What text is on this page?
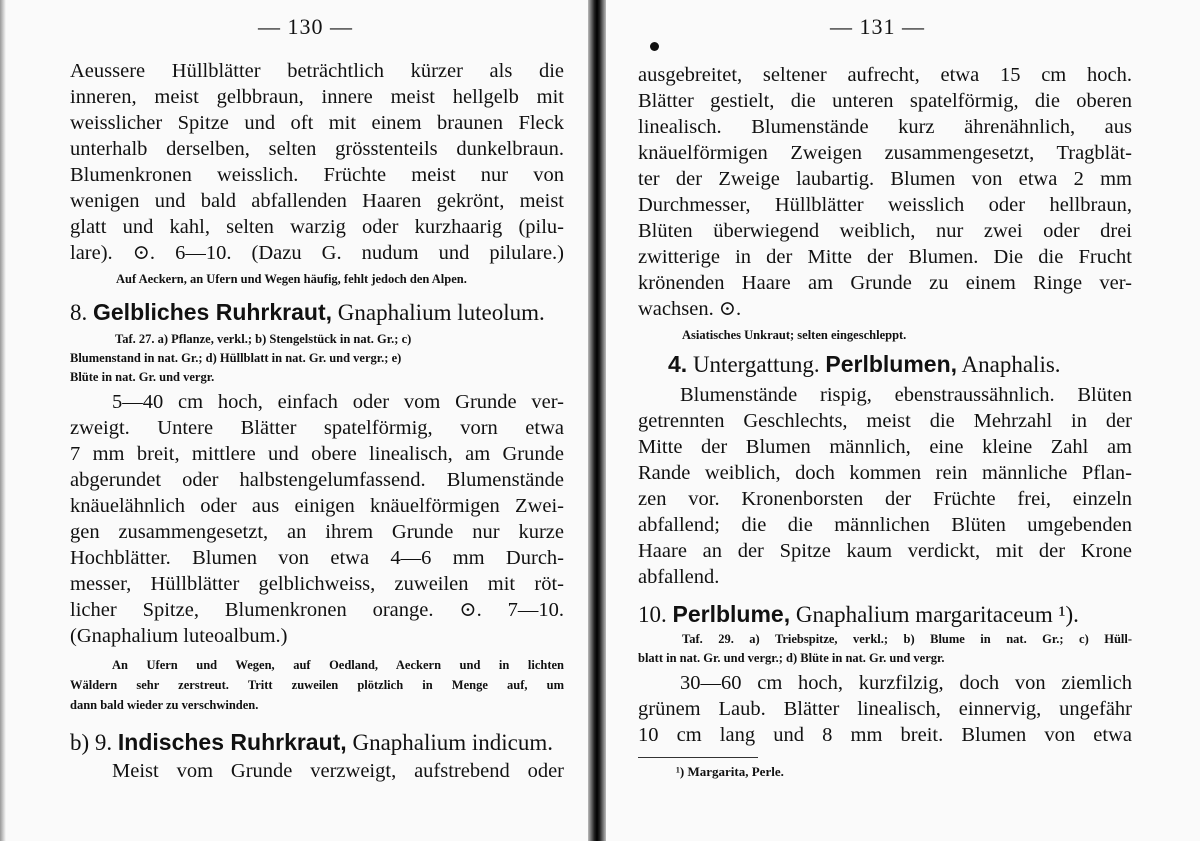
— 130 —
Aeussere Hüllblätter beträchtlich kürzer als die
inneren, meist gelbbraun, innere meist hellgelb mit
weisslicher Spitze und oft mit einem braunen Fleck
unterhalb derselben, selten grösstenteils dunkelbraun.
Blumenkronen weisslich. Früchte meist nur von
wenigen und bald abfallenden Haaren gekrönt, meist
glatt und kahl, selten warzig oder kurzhaarig (pilu-
lare). ⊙. 6—10. (Dazu G. nudum und pilulare.)
Auf Aeckern, an Ufern und Wegen häufig, fehlt jedoch den Alpen.
8. Gelbliches Ruhrkraut, Gnaphalium luteolum.
Taf. 27. a) Pflanze, verkl.; b) Stengelstück in nat. Gr.; c)
Blumenstand in nat. Gr.; d) Hüllblatt in nat. Gr. und vergr.; e)
Blüte in nat. Gr. und vergr.
5—40 cm hoch, einfach oder vom Grunde ver-
zweigt. Untere Blätter spatelförmig, vorn etwa
7 mm breit, mittlere und obere linealisch, am Grunde
abgerundet oder halbstengelumfassend. Blumenstände
knäuelähnlich oder aus einigen knäuelförmigen Zwei-
gen zusammengesetzt, an ihrem Grunde nur kurze
Hochblätter. Blumen von etwa 4—6 mm Durch-
messer, Hüllblätter gelblichweiss, zuweilen mit röt-
licher Spitze, Blumenkronen orange. ⊙. 7—10.
(Gnaphalium luteoalbum.)
An Ufern und Wegen, auf Oedland, Aeckern und in lichten
Wäldern sehr zerstreut. Tritt zuweilen plötzlich in Menge auf, um
dann bald wieder zu verschwinden.
b) 9. Indisches Ruhrkraut, Gnaphalium indicum.
Meist vom Grunde verzweigt, aufstrebend oder
— 131 —
ausgebreitet, seltener aufrecht, etwa 15 cm hoch.
Blätter gestielt, die unteren spatelförmig, die oberen
linealisch. Blumenstände kurz ährenähnlich, aus
knäuelförmigen Zweigen zusammengesetzt, Tragblät-
ter der Zweige laubartig. Blumen von etwa 2 mm
Durchmesser, Hüllblätter weisslich oder hellbraun,
Blüten überwiegend weiblich, nur zwei oder drei
zwitterige in der Mitte der Blumen. Die die Frucht
krönenden Haare am Grunde zu einem Ringe ver-
wachsen. ⊙.
Asiatisches Unkraut; selten eingeschleppt.
4. Untergattung. Perlblumen, Anaphalis.
Blumenstände rispig, ebenstraussähnlich. Blüten
getrennten Geschlechts, meist die Mehrzahl in der
Mitte der Blumen männlich, eine kleine Zahl am
Rande weiblich, doch kommen rein männliche Pflan-
zen vor. Kronenborsten der Früchte frei, einzeln
abfallend; die die männlichen Blüten umgebenden
Haare an der Spitze kaum verdickt, mit der Krone
abfallend.
10. Perlblume, Gnaphalium margaritaceum ¹).
Taf. 29. a) Triebspitze, verkl.; b) Blume in nat. Gr.; c) Hüll-
blatt in nat. Gr. und vergr.; d) Blüte in nat. Gr. und vergr.
30—60 cm hoch, kurzfilzig, doch von ziemlich
grünem Laub. Blätter linealisch, einnervig, ungefähr
10 cm lang und 8 mm breit. Blumen von etwa
¹) Margarita, Perle.
